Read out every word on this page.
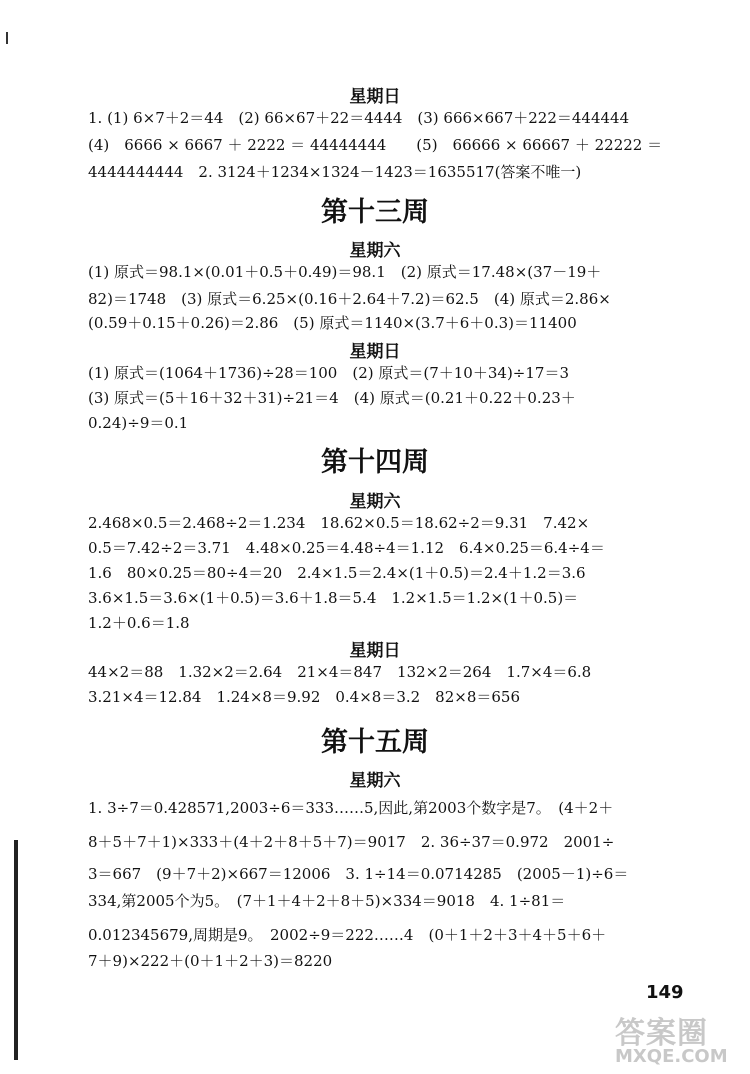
星期日
1. (1) 6×7＋2＝44　(2) 66×67＋22＝4444　(3) 666×667＋222＝444444
(4)　6666 × 6667 ＋ 2222 ＝ 44444444　　(5)　66666 × 66667 ＋ 22222 ＝
4444444444　2. 3124＋1234×1324－1423＝1635517(答案不唯一)
第十三周
星期六
(1) 原式＝98.1×(0.01＋0.5＋0.49)＝98.1　(2) 原式＝17.48×(37－19＋
82)＝1748　(3) 原式＝6.25×(0.16＋2.64＋7.2)＝62.5　(4) 原式＝2.86×
(0.59＋0.15＋0.26)＝2.86　(5) 原式＝1140×(3.7＋6＋0.3)＝11400
星期日
(1) 原式＝(1064＋1736)÷28＝100　(2) 原式＝(7＋10＋34)÷17＝3
(3) 原式＝(5＋16＋32＋31)÷21＝4　(4) 原式＝(0.21＋0.22＋0.23＋
0.24)÷9＝0.1
第十四周
星期六
2.468×0.5＝2.468÷2＝1.234　18.62×0.5＝18.62÷2＝9.31　7.42×
0.5＝7.42÷2＝3.71　4.48×0.25＝4.48÷4＝1.12　6.4×0.25＝6.4÷4＝
1.6　80×0.25＝80÷4＝20　2.4×1.5＝2.4×(1＋0.5)＝2.4＋1.2＝3.6
3.6×1.5＝3.6×(1＋0.5)＝3.6＋1.8＝5.4　1.2×1.5＝1.2×(1＋0.5)＝
1.2＋0.6＝1.8
星期日
44×2＝88　1.32×2＝2.64　21×4＝847　132×2＝264　1.7×4＝6.8
3.21×4＝12.84　1.24×8＝9.92　0.4×8＝3.2　82×8＝656
第十五周
星期六
1. 3÷7＝0.428571,2003÷6＝333……5,因此,第2003个数字是7。　(4＋2＋
8＋5＋7＋1)×333＋(4＋2＋8＋5＋7)＝9017　2. 36÷37＝0.972　2001÷
3＝667　(9＋7＋2)×667＝12006　3. 1÷14＝0.0714285　(2005－1)÷6＝
334,第2005个为5。　(7＋1＋4＋2＋8＋5)×334＝9018　4. 1÷81＝
0.012345679,周期是9。　2002÷9＝222……4　(0＋1＋2＋3＋4＋5＋6＋
7＋9)×222＋(0＋1＋2＋3)＝8220
149
答案圈
MXQE.COM
